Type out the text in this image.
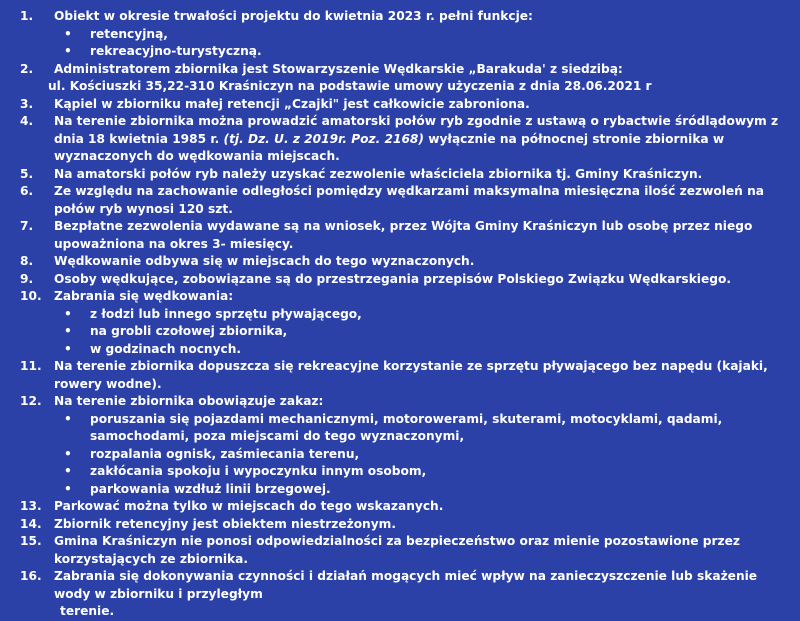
1.	Obiekt w okresie trwałości projektu do kwietnia 2023 r. pełni funkcje:
• retencyjną,
• rekreacyjno-turystyczną.
2.	Administratorem zbiornika jest Stowarzyszenie Wędkarskie „Barakuda' z siedzibą:
ul. Kościuszki 35,22-310 Kraśniczyn na podstawie umowy użyczenia z dnia 28.06.2021 r
3.	Kąpiel w zbiorniku małej retencji „Czajki" jest całkowicie zabroniona.
4.	Na terenie zbiornika można prowadzić amatorski połów ryb zgodnie z ustawą o rybactwie śródlądowym z dnia 18 kwietnia 1985 r. (tj. Dz. U. z 2019r. Poz. 2168) wyłącznie na północnej stronie zbiornika w wyznaczonych do wędkowania miejscach.
5.	Na amatorski połów ryb należy uzyskać zezwolenie właściciela zbiornika tj. Gminy Kraśniczyn.
6.	Ze względu na zachowanie odległości pomiędzy wędkarzami maksymalna miesięczna ilość zezwoleń na połów ryb wynosi 120 szt.
7.	Bezpłatne zezwolenia wydawane są na wniosek, przez Wójta Gminy Kraśniczyn lub osobę przez niego upoważniona na okres 3- miesięcy.
8.	Wędkowanie odbywa się w miejscach do tego wyznaczonych.
9.	Osoby wędkujące, zobowiązane są do przestrzegania przepisów Polskiego Związku Wędkarskiego.
10.	Zabrania się wędkowania:
• z łodzi lub innego sprzętu pływającego,
• na grobli czołowej zbiornika,
• w godzinach nocnych.
11.	Na terenie zbiornika dopuszcza się rekreacyjne korzystanie ze sprzętu pływającego bez napędu (kajaki, rowery wodne).
12.	Na terenie zbiornika obowiązuje zakaz:
• poruszania się pojazdami mechanicznymi, motorowerami, skuterami, motocyklami, qadami, samochodami, poza miejscami do tego wyznaczonymi,
• rozpalania ognisk, zaśmiecania terenu,
• zakłócania spokoju i wypoczynku innym osobom,
• parkowania wzdłuż linii brzegowej.
13.	Parkować można tylko w miejscach do tego wskazanych.
14.	Zbiornik retencyjny jest obiektem niestrzeżonym.
15.	Gmina Kraśniczyn nie ponosi odpowiedzialności za bezpieczeństwo oraz mienie pozostawione przez korzystających ze zbiornika.
16.	Zabrania się dokonywania czynności i działań mogących mieć wpływ na zanieczyszczenie lub skażenie wody w zbiorniku i przyległym
terenie.
